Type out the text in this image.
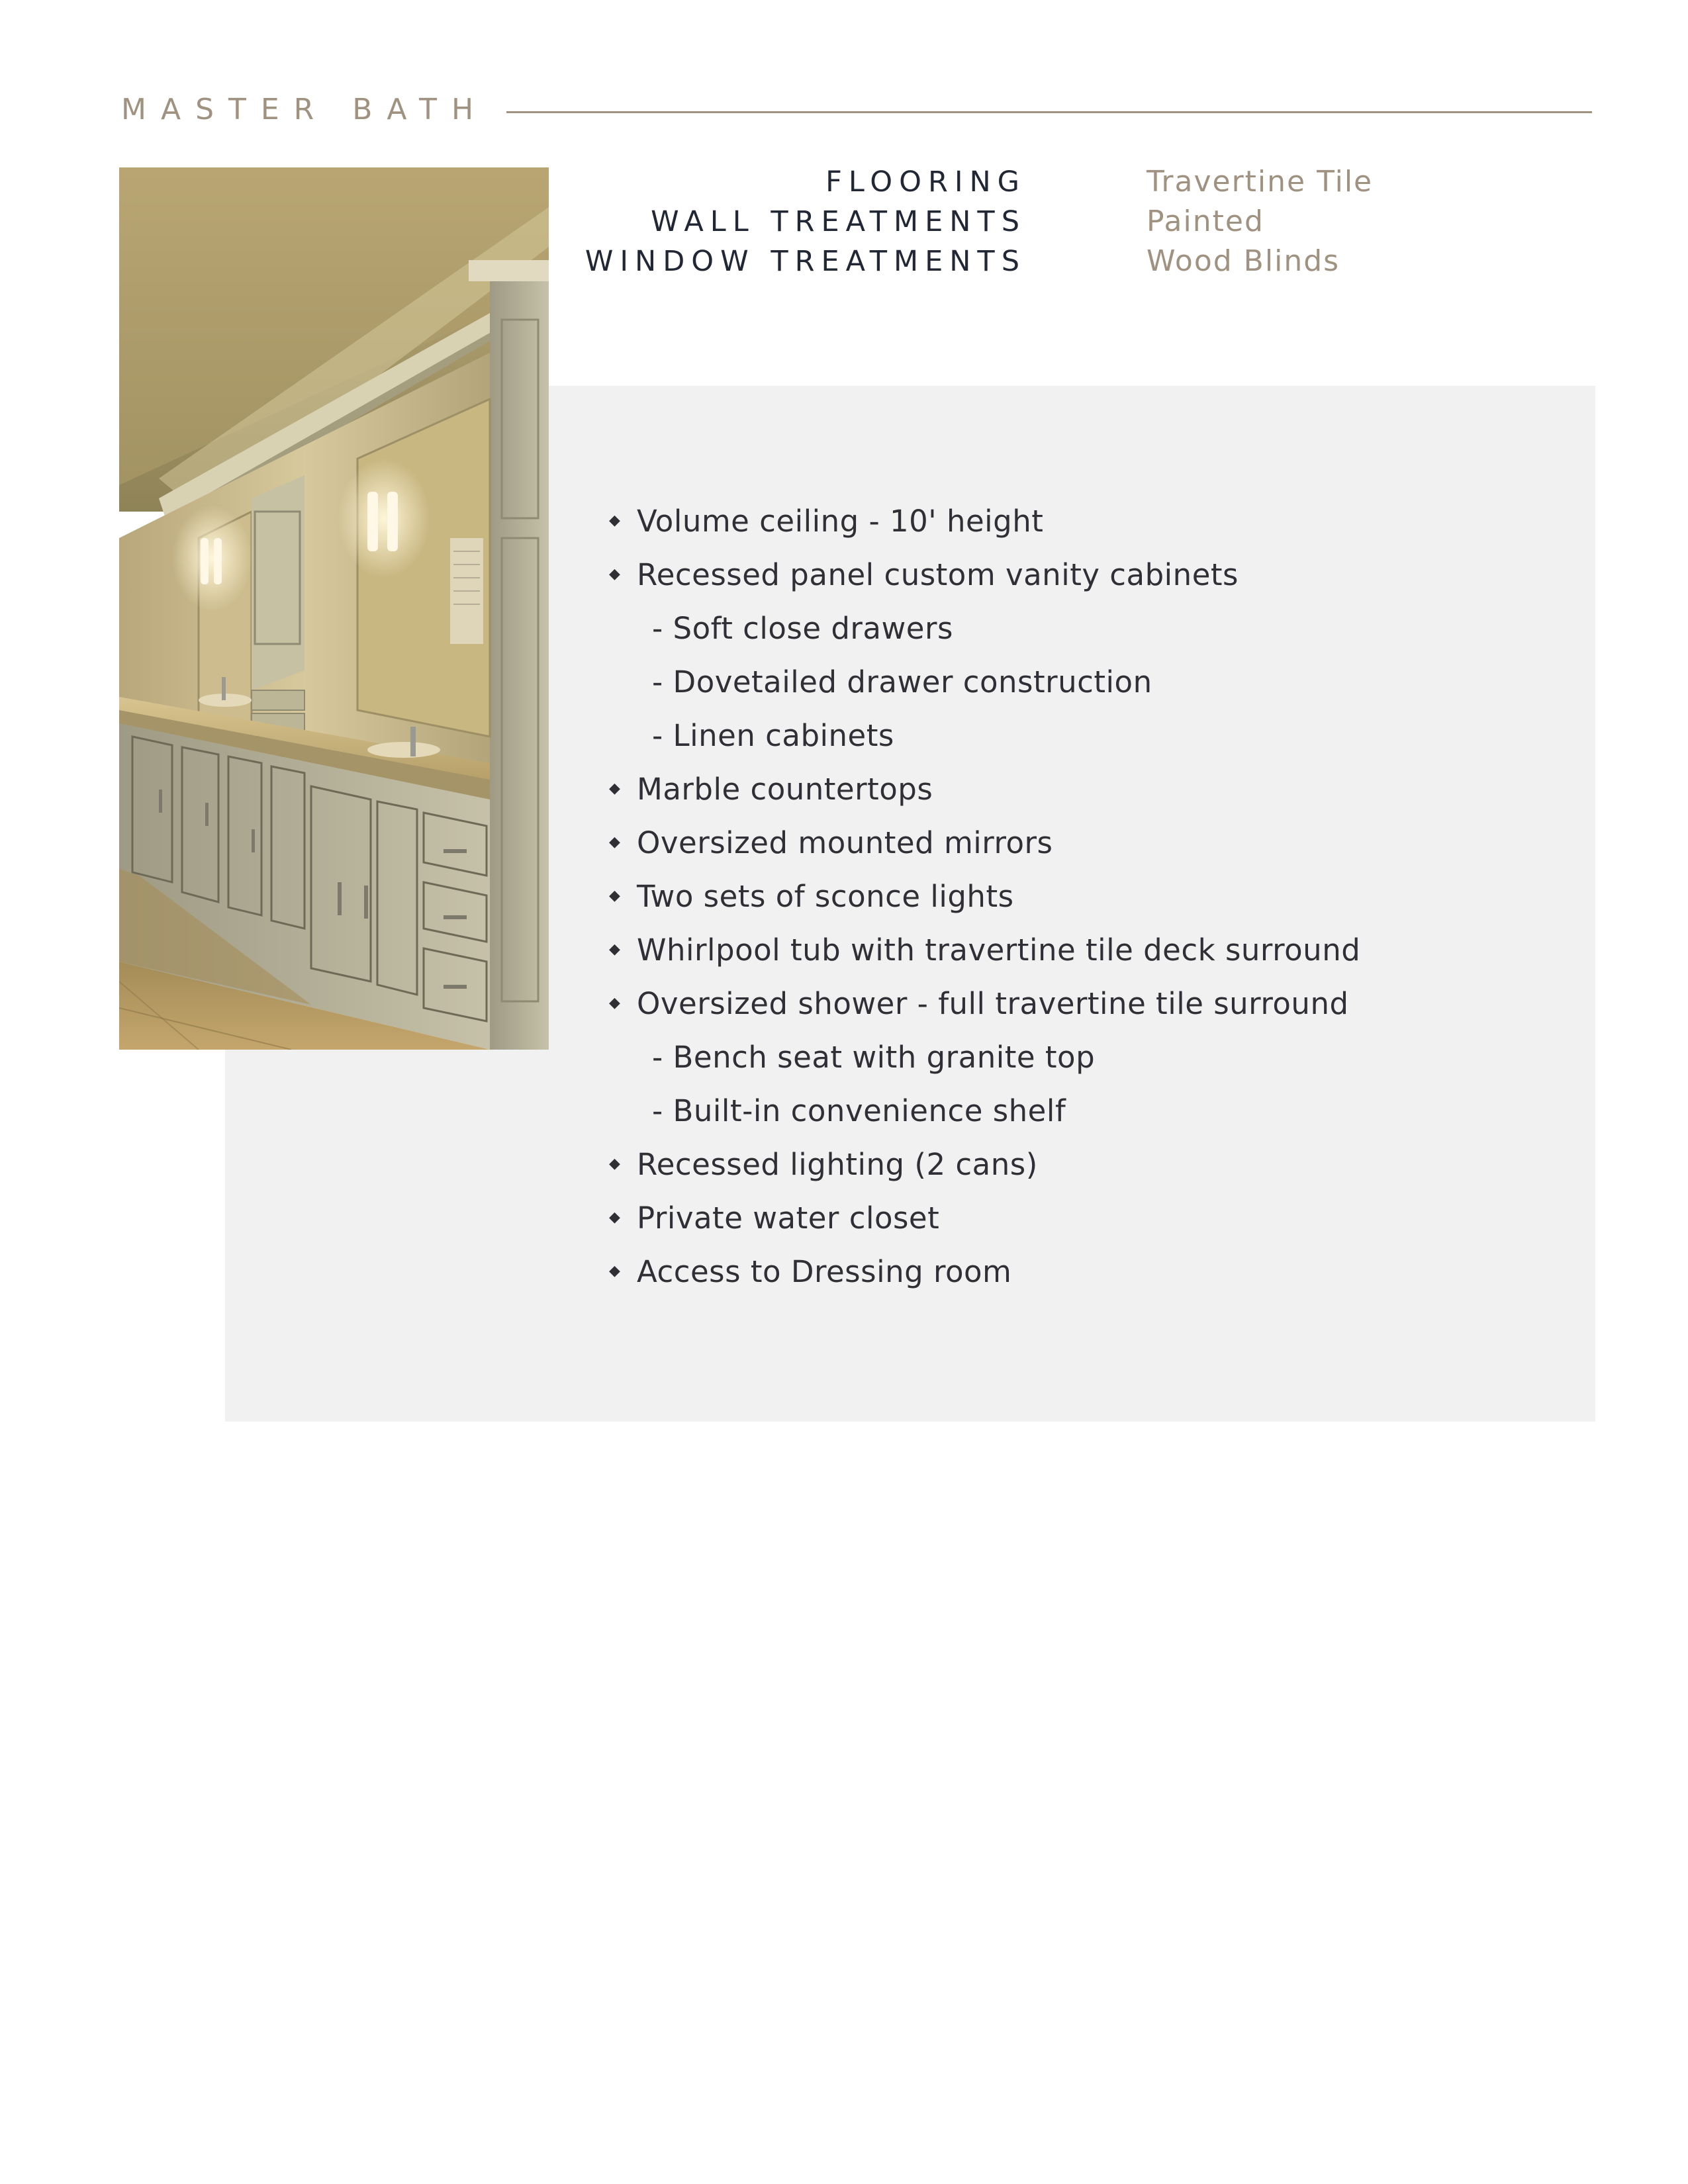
MASTER BATH
FLOORING	Travertine Tile
WALL TREATMENTS	Painted
WINDOW TREATMENTS	Wood Blinds
◆ Volume ceiling - 10' height
◆ Recessed panel custom vanity cabinets
- Soft close drawers
- Dovetailed drawer construction
- Linen cabinets
◆ Marble countertops
◆ Oversized mounted mirrors
◆ Two sets of sconce lights
◆ Whirlpool tub with travertine tile deck surround
◆ Oversized shower - full travertine tile surround
- Bench seat with granite top
- Built-in convenience shelf
◆ Recessed lighting (2 cans)
◆ Private water closet
◆ Access to Dressing room
